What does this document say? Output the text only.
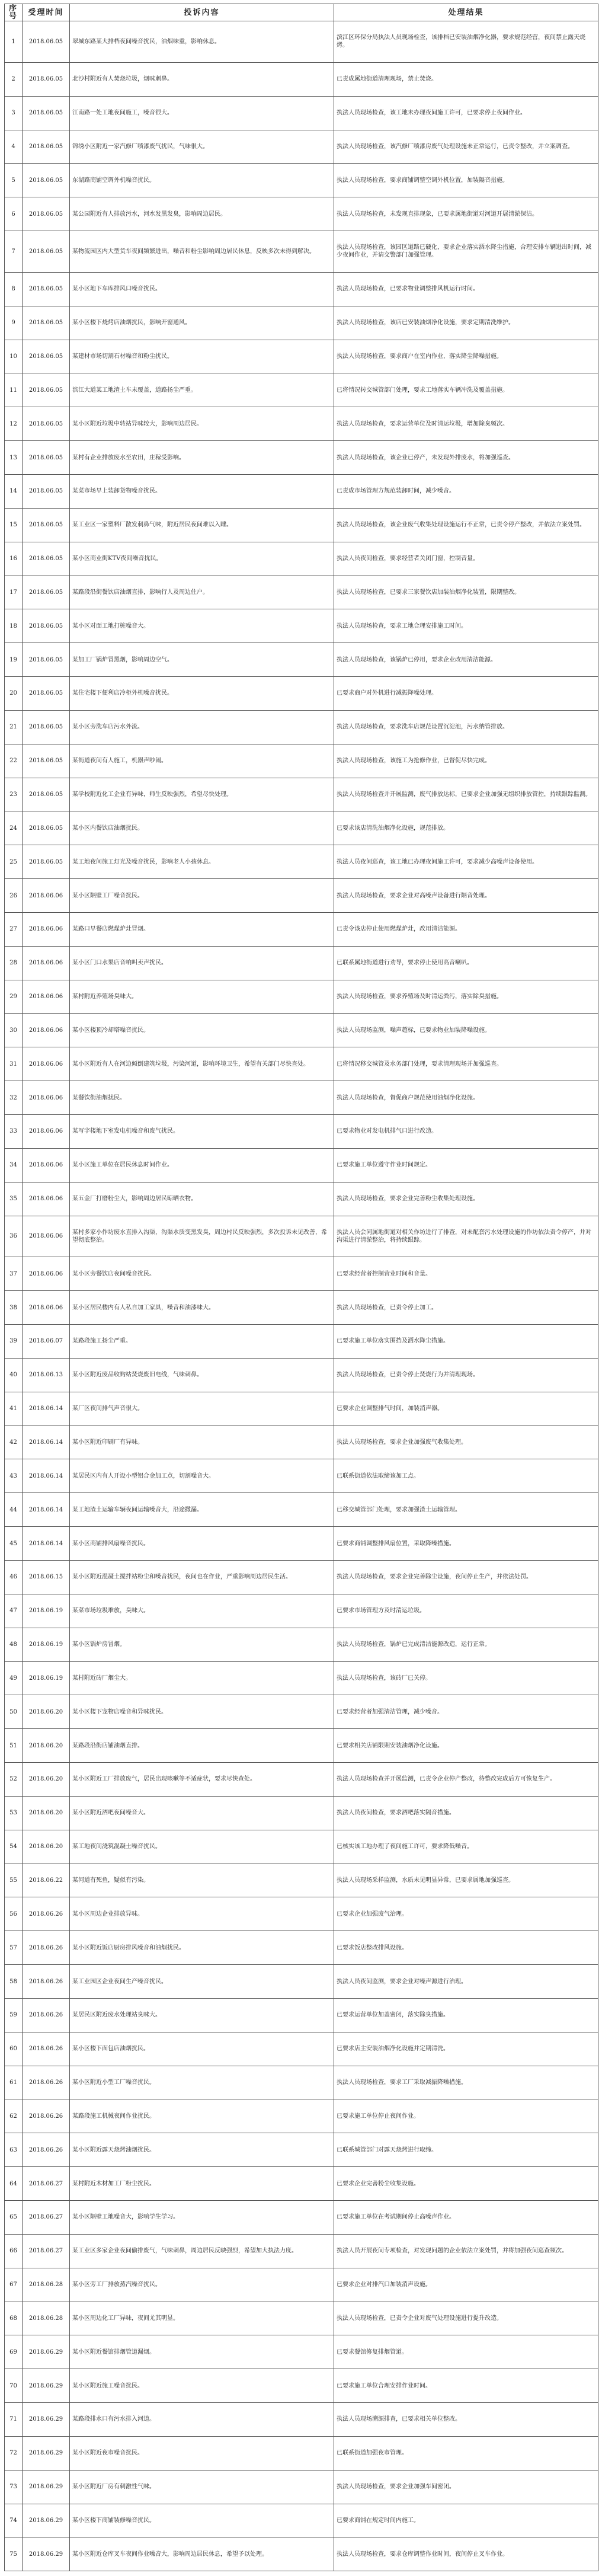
序号	受理时间	投诉内容	处理结果
1	2018.06.05	翠城东路某大排档夜间噪音扰民，油烟味重，影响休息。	滨江区环保分局执法人员现场检查，该排档已安装油烟净化器，要求规范经营，夜间禁止露天烧烤。
2	2018.06.05	北沙村附近有人焚烧垃圾，烟味刺鼻。	已责成属地街道清理现场，禁止焚烧。
3	2018.06.05	江南路一处工地夜间施工，噪音很大。	执法人员现场检查，该工地未办理夜间施工许可，已要求停止夜间作业。
4	2018.06.05	锦绣小区附近一家汽修厂喷漆废气扰民，气味很大。	执法人员现场检查，该汽修厂喷漆房废气处理设施未正常运行，已责令整改，并立案调查。
5	2018.06.05	东湖路商铺空调外机噪音扰民。	执法人员现场检查，要求商铺调整空调外机位置，加装隔音措施。
6	2018.06.05	某公园附近有人排放污水，河水发黑发臭，影响周边居民。	执法人员现场检查，未发现直排现象，已要求属地街道对河道开展清淤保洁。
7	2018.06.05	某物流园区内大型货车夜间频繁进出，噪音和粉尘影响周边居民休息，反映多次未得到解决。	执法人员现场检查，该园区道路已硬化，要求企业落实洒水降尘措施，合理安排车辆进出时间，减少夜间作业，并请交警部门加强管理。
8	2018.06.05	某小区地下车库排风口噪音扰民。	执法人员现场检查，已要求物业调整排风机运行时间。
9	2018.06.05	某小区楼下烧烤店油烟扰民，影响开窗通风。	执法人员现场检查，该店已安装油烟净化设施，要求定期清洗维护。
10	2018.06.05	某建材市场切割石材噪音和粉尘扰民。	执法人员现场检查，要求商户在室内作业，落实降尘降噪措施。
11	2018.06.05	滨江大道某工地渣土车未覆盖，道路扬尘严重。	已将情况转交城管部门处理，要求工地落实车辆冲洗及覆盖措施。
12	2018.06.05	某小区附近垃圾中转站异味较大，影响周边居民。	执法人员现场检查，要求运营单位及时清运垃圾，增加除臭频次。
13	2018.06.05	某村有企业排放废水至农田，庄稼受影响。	执法人员现场检查，该企业已停产，未发现外排废水，将加强巡查。
14	2018.06.05	某菜市场早上装卸货物噪音扰民。	已责成市场管理方规范装卸时间，减少噪音。
15	2018.06.05	某工业区一家塑料厂散发刺鼻气味，附近居民夜间难以入睡。	执法人员现场检查，该企业废气收集处理设施运行不正常，已责令停产整改，并依法立案处罚。
16	2018.06.05	某小区商业街KTV夜间噪音扰民。	执法人员夜间检查，要求经营者关闭门窗，控制音量。
17	2018.06.05	某路段沿街餐饮店油烟直排，影响行人及周边住户。	执法人员现场检查，已要求三家餐饮店加装油烟净化装置，限期整改。
18	2018.06.05	某小区对面工地打桩噪音大。	执法人员现场检查，要求工地合理安排施工时间。
19	2018.06.05	某加工厂锅炉冒黑烟，影响周边空气。	执法人员现场检查，该锅炉已停用，要求企业改用清洁能源。
20	2018.06.05	某住宅楼下便利店冷柜外机噪音扰民。	已要求商户对外机进行减振降噪处理。
21	2018.06.05	某小区旁洗车店污水外流。	执法人员现场检查，要求洗车店规范设置沉淀池，污水纳管排放。
22	2018.06.05	某街道夜间有人施工，机器声吵闹。	执法人员现场检查，该施工为抢修作业，已督促尽快完成。
23	2018.06.05	某学校附近化工企业有异味，师生反映强烈，希望尽快处理。	执法人员现场检查并开展监测，废气排放达标，已要求企业加强无组织排放管控，持续跟踪监测。
24	2018.06.05	某小区内餐饮店油烟扰民。	已要求该店清洗油烟净化设施，规范排放。
25	2018.06.05	某工地夜间施工灯光及噪音扰民，影响老人小孩休息。	执法人员夜间巡查，该工地已办理夜间施工许可，要求减少高噪声设备使用。
26	2018.06.06	某小区隔壁工厂噪音扰民。	执法人员现场检查，要求企业对高噪声设备进行隔音处理。
27	2018.06.06	某路口早餐店燃煤炉灶冒烟。	已责令该店停止使用燃煤炉灶，改用清洁能源。
28	2018.06.06	某小区门口水果店音响叫卖声扰民。	已联系属地街道进行劝导，要求停止使用高音喇叭。
29	2018.06.06	某村附近养殖场臭味大。	执法人员现场检查，要求养殖场及时清运粪污，落实除臭措施。
30	2018.06.06	某小区楼顶冷却塔噪音扰民。	执法人员现场监测，噪声超标，已要求物业加装降噪设施。
31	2018.06.06	某小区附近有人在河边倾倒建筑垃圾，污染河道，影响环境卫生，希望有关部门尽快查处。	已将情况移交城管及水务部门处理，要求清理现场并加强巡查。
32	2018.06.06	某餐饮街油烟扰民。	执法人员现场检查，督促商户规范使用油烟净化设施。
33	2018.06.06	某写字楼地下室发电机噪音和废气扰民。	已要求物业对发电机排气口进行改造。
34	2018.06.06	某小区施工单位在居民休息时间作业。	已要求施工单位遵守作业时间规定。
35	2018.06.06	某五金厂打磨粉尘大，影响周边居民晾晒衣物。	执法人员现场检查，要求企业完善粉尘收集处理设施。
36	2018.06.06	某村多家小作坊废水直排入沟渠，沟渠水质变黑发臭，周边村民反映强烈，多次投诉未见改善，希望彻底整治。	执法人员会同属地街道对相关作坊进行了排查，对未配套污水处理设施的作坊依法责令停产，并对沟渠进行清淤整治，将持续跟踪。
37	2018.06.06	某小区旁餐饮店夜间噪音扰民。	已要求经营者控制营业时间和音量。
38	2018.06.06	某小区居民楼内有人私自加工家具，噪音和油漆味大。	执法人员现场检查，已责令停止加工。
39	2018.06.07	某路段施工扬尘严重。	已要求施工单位落实围挡及洒水降尘措施。
40	2018.06.13	某小区附近废品收购站焚烧废旧电线，气味刺鼻。	执法人员现场检查，已责令停止焚烧行为并清理现场。
41	2018.06.14	某厂区夜间排气声音很大。	已要求企业调整排气时间，加装消声器。
42	2018.06.14	某小区附近印刷厂有异味。	执法人员现场检查，要求企业加强废气收集处理。
43	2018.06.14	某居民区内有人开设小型铝合金加工点，切割噪音大。	已联系街道依法取缔该加工点。
44	2018.06.14	某工地渣土运输车辆夜间运输噪音大，沿途撒漏。	已移交城管部门处理，要求加强渣土运输管理。
45	2018.06.14	某小区商铺排风扇噪音扰民。	已要求商铺调整排风扇位置，采取降噪措施。
46	2018.06.15	某小区附近混凝土搅拌站粉尘和噪音扰民，夜间也在作业，严重影响周边居民生活。	执法人员现场检查，要求企业完善除尘设施，夜间停止生产，并依法处罚。
47	2018.06.19	某菜市场垃圾堆放，臭味大。	已要求市场管理方及时清运垃圾。
48	2018.06.19	某小区锅炉房冒烟。	执法人员现场检查，锅炉已完成清洁能源改造，运行正常。
49	2018.06.19	某村附近砖厂烟尘大。	执法人员现场检查，该砖厂已关停。
50	2018.06.20	某小区楼下宠物店噪音和异味扰民。	已要求经营者加强清洁管理，减少噪音。
51	2018.06.20	某路段沿街店铺油烟直排。	已要求相关店铺限期安装油烟净化设施。
52	2018.06.20	某小区附近工厂排放废气，居民出现咳嗽等不适症状，要求尽快查处。	执法人员现场检查并开展监测，已责令企业停产整改，待整改完成后方可恢复生产。
53	2018.06.20	某小区附近酒吧夜间噪音大。	执法人员夜间检查，要求酒吧落实隔音措施。
54	2018.06.20	某工地夜间浇筑混凝土噪音扰民。	已核实该工地办理了夜间施工许可，要求降低噪音。
55	2018.06.22	某河道有死鱼，疑似有污染。	执法人员现场采样监测，水质未见明显异常，已要求属地加强巡查。
56	2018.06.26	某小区周边企业排放异味。	已要求企业加强废气治理。
57	2018.06.26	某小区附近饭店厨房排风噪音和油烟扰民。	已要求饭店整改排风设施。
58	2018.06.26	某工业园区企业夜间生产噪音扰民。	执法人员夜间监测，要求企业对噪声源进行治理。
59	2018.06.26	某居民区附近废水处理站臭味大。	已要求运营单位加盖密闭，落实除臭措施。
60	2018.06.26	某小区楼下面包店油烟扰民。	已要求店主安装油烟净化设施并定期清洗。
61	2018.06.26	某小区附近小型工厂噪音扰民。	执法人员现场检查，要求工厂采取减振降噪措施。
62	2018.06.26	某路段施工机械夜间作业扰民。	已要求施工单位停止夜间作业。
63	2018.06.26	某小区附近露天烧烤油烟扰民。	已联系城管部门对露天烧烤进行取缔。
64	2018.06.27	某村附近木材加工厂粉尘扰民。	已要求企业完善粉尘收集设施。
65	2018.06.27	某小区隔壁工地噪音大，影响学生学习。	已要求施工单位在考试期间停止高噪声作业。
66	2018.06.27	某工业区多家企业夜间偷排废气，气味刺鼻，周边居民反映强烈，希望加大执法力度。	执法人员开展夜间专项检查，对发现问题的企业依法立案处罚，并将加强夜间巡查频次。
67	2018.06.28	某小区旁工厂排放蒸汽噪音扰民。	已要求企业对排汽口加装消声设施。
68	2018.06.28	某小区周边化工厂异味，夜间尤其明显。	执法人员现场检查，已责令企业对废气处理设施进行提升改造。
69	2018.06.29	某小区附近餐馆排烟管道漏烟。	已要求餐馆修复排烟管道。
70	2018.06.29	某小区附近施工噪音扰民。	已要求施工单位合理安排作业时间。
71	2018.06.29	某路段排水口有污水排入河道。	执法人员现场溯源排查，已要求相关单位整改。
72	2018.06.29	某小区附近夜市噪音扰民。	已联系街道加强夜市管理。
73	2018.06.29	某小区附近厂房有刺激性气味。	执法人员现场检查，要求企业加强车间密闭。
74	2018.06.29	某小区楼下商铺装修噪音扰民。	已要求商铺在规定时间内施工。
75	2018.06.29	某小区附近仓库叉车夜间作业噪音大，影响周边居民休息，希望予以处理。	执法人员现场检查，要求仓库调整作业时间，夜间停止叉车作业。
